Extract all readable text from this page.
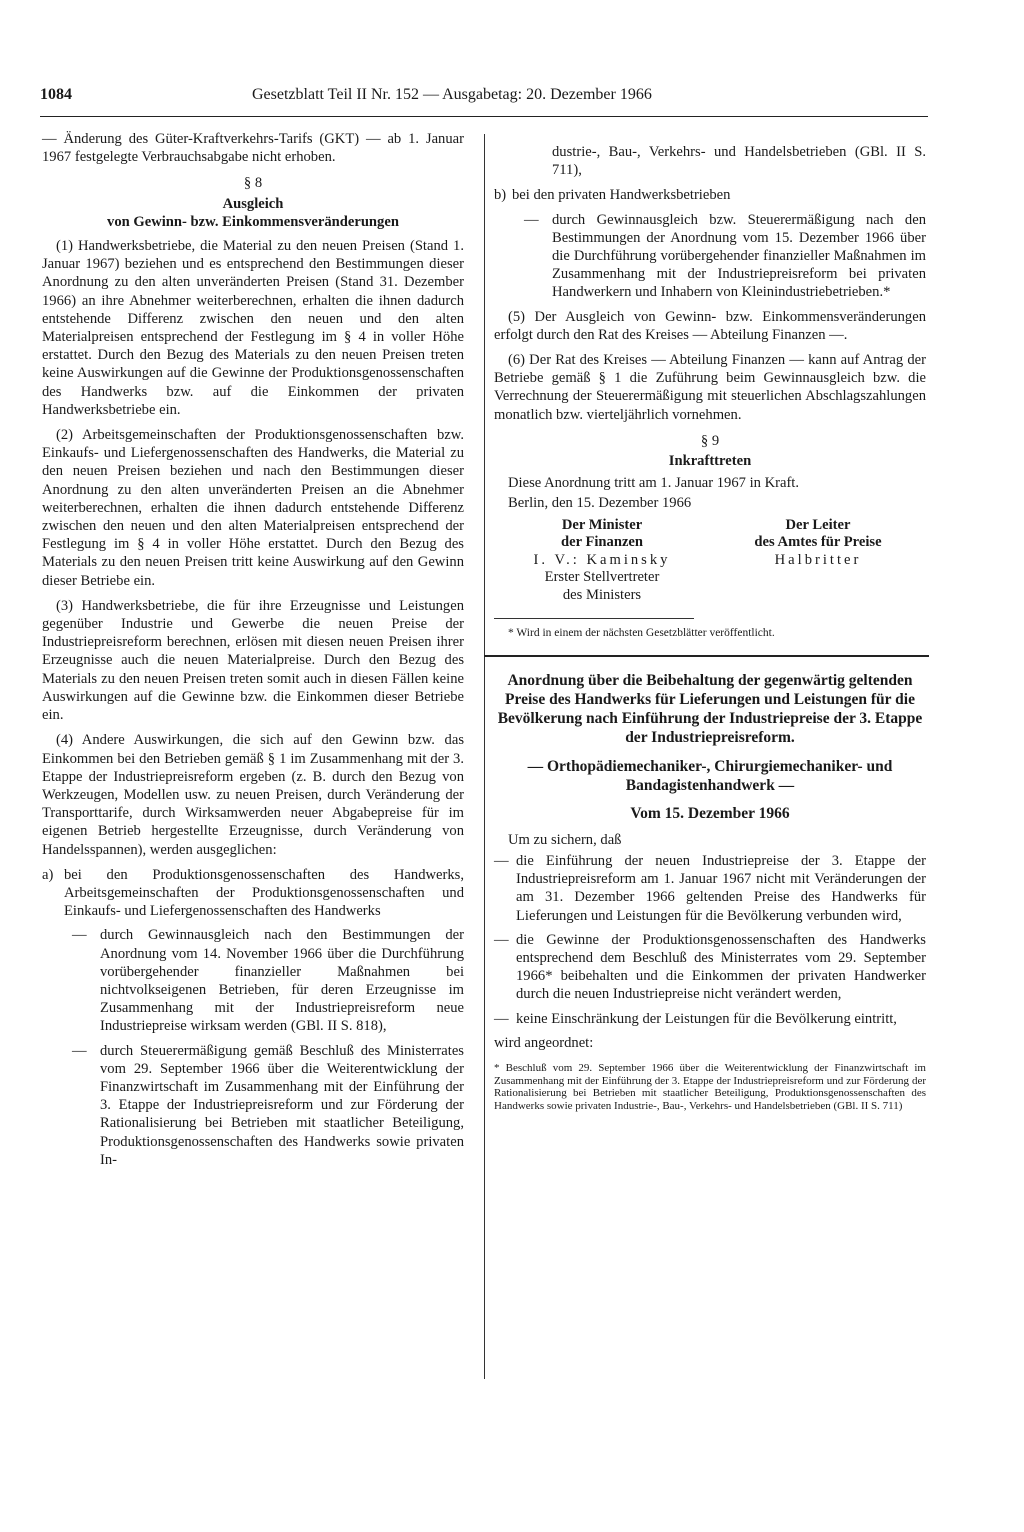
1084	Gesetzblatt Teil II Nr. 152 — Ausgabetag: 20. Dezember 1966

— Änderung des Güter-Kraftverkehrs-Tarifs (GKT) — ab 1. Januar 1967 festgelegte Verbrauchsabgabe nicht erhoben.

§ 8
Ausgleich
von Gewinn- bzw. Einkommensveränderungen

(1) Handwerksbetriebe, die Material zu den neuen Preisen (Stand 1. Januar 1967) beziehen und es entsprechend den Bestimmungen dieser Anordnung zu den alten unveränderten Preisen (Stand 31. Dezember 1966) an ihre Abnehmer weiterberechnen, erhalten die ihnen dadurch entstehende Differenz zwischen den neuen und den alten Materialpreisen entsprechend der Festlegung im § 4 in voller Höhe erstattet. Durch den Bezug des Materials zu den neuen Preisen treten keine Auswirkungen auf die Gewinne der Produktionsgenossenschaften des Handwerks bzw. auf die Einkommen der privaten Handwerksbetriebe ein.

(2) Arbeitsgemeinschaften der Produktionsgenossenschaften bzw. Einkaufs- und Liefergenossenschaften des Handwerks, die Material zu den neuen Preisen beziehen und nach den Bestimmungen dieser Anordnung zu den alten unveränderten Preisen an die Abnehmer weiterberechnen, erhalten die ihnen dadurch entstehende Differenz zwischen den neuen und den alten Materialpreisen entsprechend der Festlegung im § 4 in voller Höhe erstattet. Durch den Bezug des Materials zu den neuen Preisen tritt keine Auswirkung auf den Gewinn dieser Betriebe ein.

(3) Handwerksbetriebe, die für ihre Erzeugnisse und Leistungen gegenüber Industrie und Gewerbe die neuen Preise der Industriepreisreform berechnen, erlösen mit diesen neuen Preisen ihrer Erzeugnisse auch die neuen Materialpreise. Durch den Bezug des Materials zu den neuen Preisen treten somit auch in diesen Fällen keine Auswirkungen auf die Gewinne bzw. die Einkommen dieser Betriebe ein.

(4) Andere Auswirkungen, die sich auf den Gewinn bzw. das Einkommen bei den Betrieben gemäß § 1 im Zusammenhang mit der 3. Etappe der Industriepreisreform ergeben (z. B. durch den Bezug von Werkzeugen, Modellen usw. zu neuen Preisen, durch Veränderung der Transporttarife, durch Wirksamwerden neuer Abgabepreise für im eigenen Betrieb hergestellte Erzeugnisse, durch Veränderung von Handelsspannen), werden ausgeglichen:

a) bei den Produktionsgenossenschaften des Handwerks, Arbeitsgemeinschaften der Produktionsgenossenschaften und Einkaufs- und Liefergenossenschaften des Handwerks
— durch Gewinnausgleich nach den Bestimmungen der Anordnung vom 14. November 1966 über die Durchführung vorübergehender finanzieller Maßnahmen bei nichtvolkseigenen Betrieben, für deren Erzeugnisse im Zusammenhang mit der Industriepreisreform neue Industriepreise wirksam werden (GBl. II S. 818),
— durch Steuerermäßigung gemäß Beschluß des Ministerrates vom 29. September 1966 über die Weiterentwicklung der Finanzwirtschaft im Zusammenhang mit der Einführung der 3. Etappe der Industriepreisreform und zur Förderung der Rationalisierung bei Betrieben mit staatlicher Beteiligung, Produktionsgenossenschaften des Handwerks sowie privaten In-

dustrie-, Bau-, Verkehrs- und Handelsbetrieben (GBl. II S. 711),

b) bei den privaten Handwerksbetrieben
— durch Gewinnausgleich bzw. Steuerermäßigung nach den Bestimmungen der Anordnung vom 15. Dezember 1966 über die Durchführung vorübergehender finanzieller Maßnahmen im Zusammenhang mit der Industriepreisreform bei privaten Handwerkern und Inhabern von Kleinindustriebetrieben.*

(5) Der Ausgleich von Gewinn- bzw. Einkommensveränderungen erfolgt durch den Rat des Kreises — Abteilung Finanzen —.

(6) Der Rat des Kreises — Abteilung Finanzen — kann auf Antrag der Betriebe gemäß § 1 die Zuführung beim Gewinnausgleich bzw. die Verrechnung der Steuerermäßigung mit steuerlichen Abschlagszahlungen monatlich bzw. vierteljährlich vornehmen.

§ 9
Inkrafttreten

Diese Anordnung tritt am 1. Januar 1967 in Kraft.

Berlin, den 15. Dezember 1966

Der Minister
der Finanzen
I. V.: Kaminsky
Erster Stellvertreter
des Ministers
Der Leiter
des Amtes für Preise
Halbritter
* Wird in einem der nächsten Gesetzblätter veröffentlicht.
Anordnung über die Beibehaltung der gegenwärtig geltenden Preise des Handwerks für Lieferungen und Leistungen für die Bevölkerung nach Einführung der Industriepreise der 3. Etappe der Industriepreisreform.
— Orthopädiemechaniker-, Chirurgiemechaniker- und Bandagistenhandwerk —
Vom 15. Dezember 1966

Um zu sichern, daß

— die Einführung der neuen Industriepreise der 3. Etappe der Industriepreisreform am 1. Januar 1967 nicht mit Veränderungen der am 31. Dezember 1966 geltenden Preise des Handwerks für Lieferungen und Leistungen für die Bevölkerung verbunden wird,
— die Gewinne der Produktionsgenossenschaften des Handwerks entsprechend dem Beschluß des Ministerrates vom 29. September 1966* beibehalten und die Einkommen der privaten Handwerker durch die neuen Industriepreise nicht verändert werden,
— keine Einschränkung der Leistungen für die Bevölkerung eintritt,

wird angeordnet:

* Beschluß vom 29. September 1966 über die Weiterentwicklung der Finanzwirtschaft im Zusammenhang mit der Einführung der 3. Etappe der Industriepreisreform und zur Förderung der Rationalisierung bei Betrieben mit staatlicher Beteiligung, Produktionsgenossenschaften des Handwerks sowie privaten Industrie-, Bau-, Verkehrs- und Handelsbetrieben (GBl. II S. 711)
